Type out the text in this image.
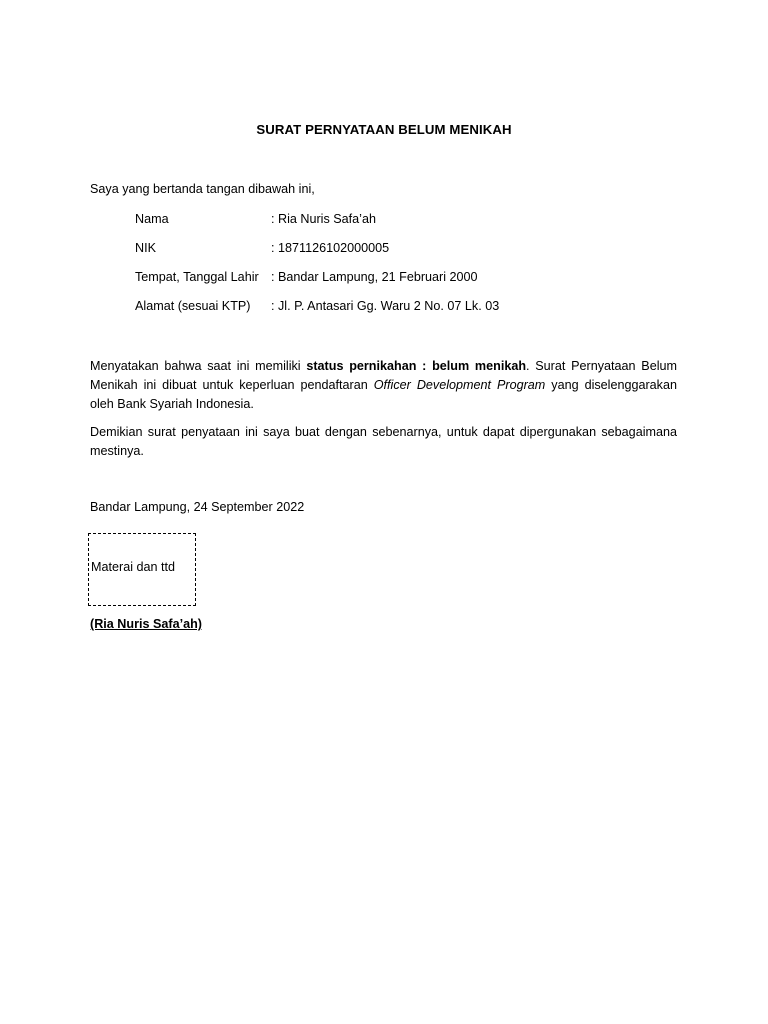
SURAT PERNYATAAN BELUM MENIKAH
Saya yang bertanda tangan dibawah ini,
Nama	: Ria Nuris Safa’ah
NIK	: 1871126102000005
Tempat, Tanggal Lahir : Bandar Lampung, 21 Februari 2000
Alamat (sesuai KTP) : Jl. P. Antasari Gg. Waru 2 No. 07 Lk. 03
Menyatakan bahwa saat ini memiliki status pernikahan : belum menikah. Surat Pernyataan Belum Menikah ini dibuat untuk keperluan pendaftaran Officer Development Program yang diselenggarakan oleh Bank Syariah Indonesia.
Demikian surat penyataan ini saya buat dengan sebenarnya, untuk dapat dipergunakan sebagaimana mestinya.
Bandar Lampung, 24 September 2022
Materai dan ttd
(Ria Nuris Safa’ah)
